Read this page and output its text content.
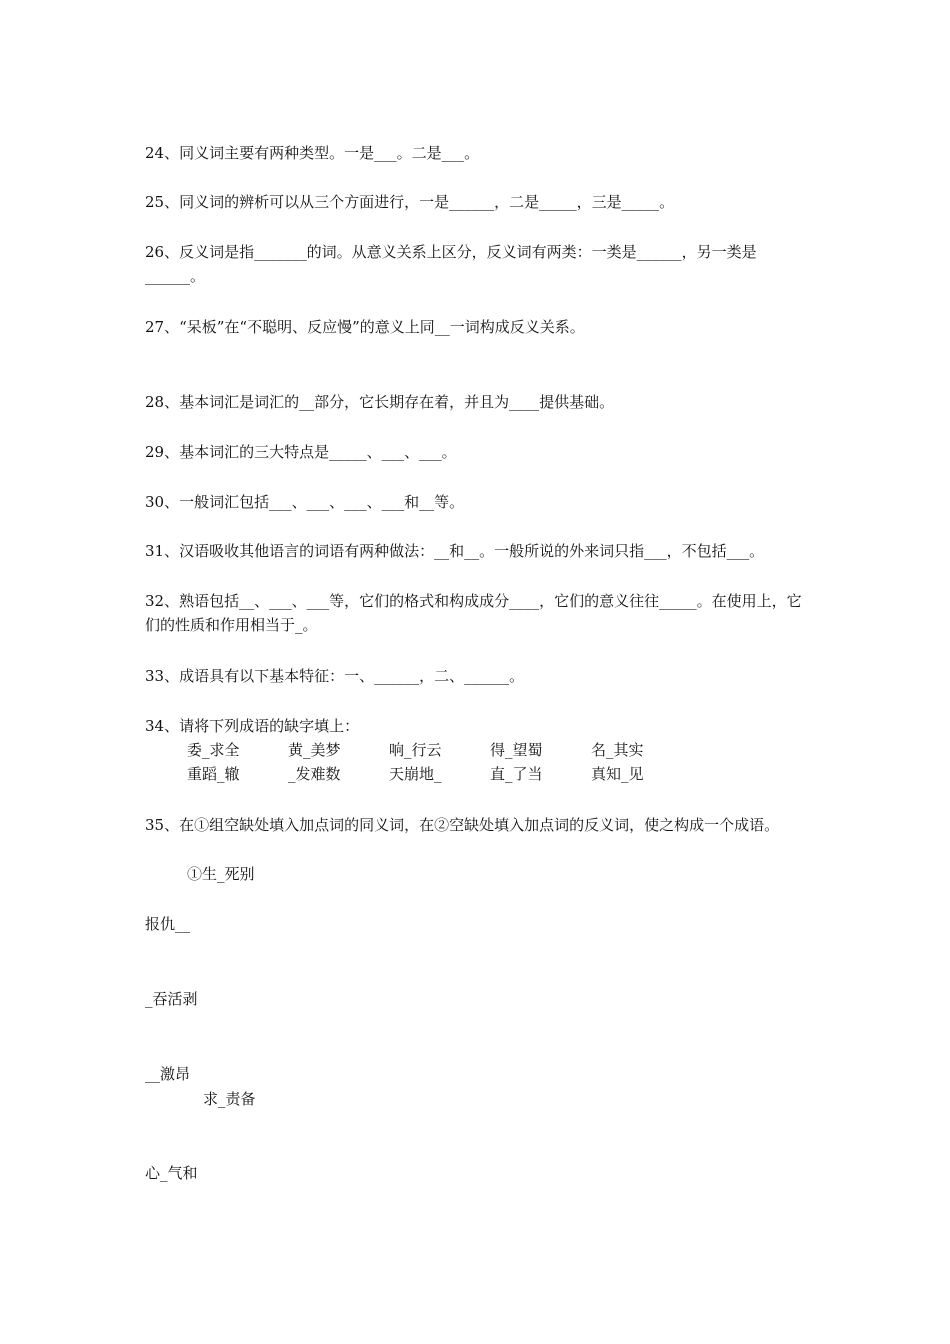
24、同义词主要有两种类型。一是___。二是___。
25、同义词的辨析可以从三个方面进行，一是______，二是_____，三是_____。
26、反义词是指_______的词。从意义关系上区分，反义词有两类：一类是______，另一类是______。
27、“呆板”在“不聪明、反应慢”的意义上同__一词构成反义关系。
28、基本词汇是词汇的__部分，它长期存在着，并且为____提供基础。
29、基本词汇的三大特点是_____、___、___。
30、一般词汇包括___、___、___、___和__等。
31、汉语吸收其他语言的词语有两种做法：__和__。一般所说的外来词只指___，不包括___。
32、熟语包括__、___、___等，它们的格式和构成成分____，它们的意义往往_____。在使用上，它们的性质和作用相当于_。
33、成语具有以下基本特征：一、______，二、______。
34、请将下列成语的缺字填上：
委_求全	黄_美梦	响_行云	得_望蜀	名_其实
重蹈_辙	_发难数	天崩地_	直_了当	真知_见
35、在①组空缺处填入加点词的同义词，在②空缺处填入加点词的反义词，使之构成一个成语。
①生_死别
报仇__
_吞活剥
__激昂
求_责备
心_气和
